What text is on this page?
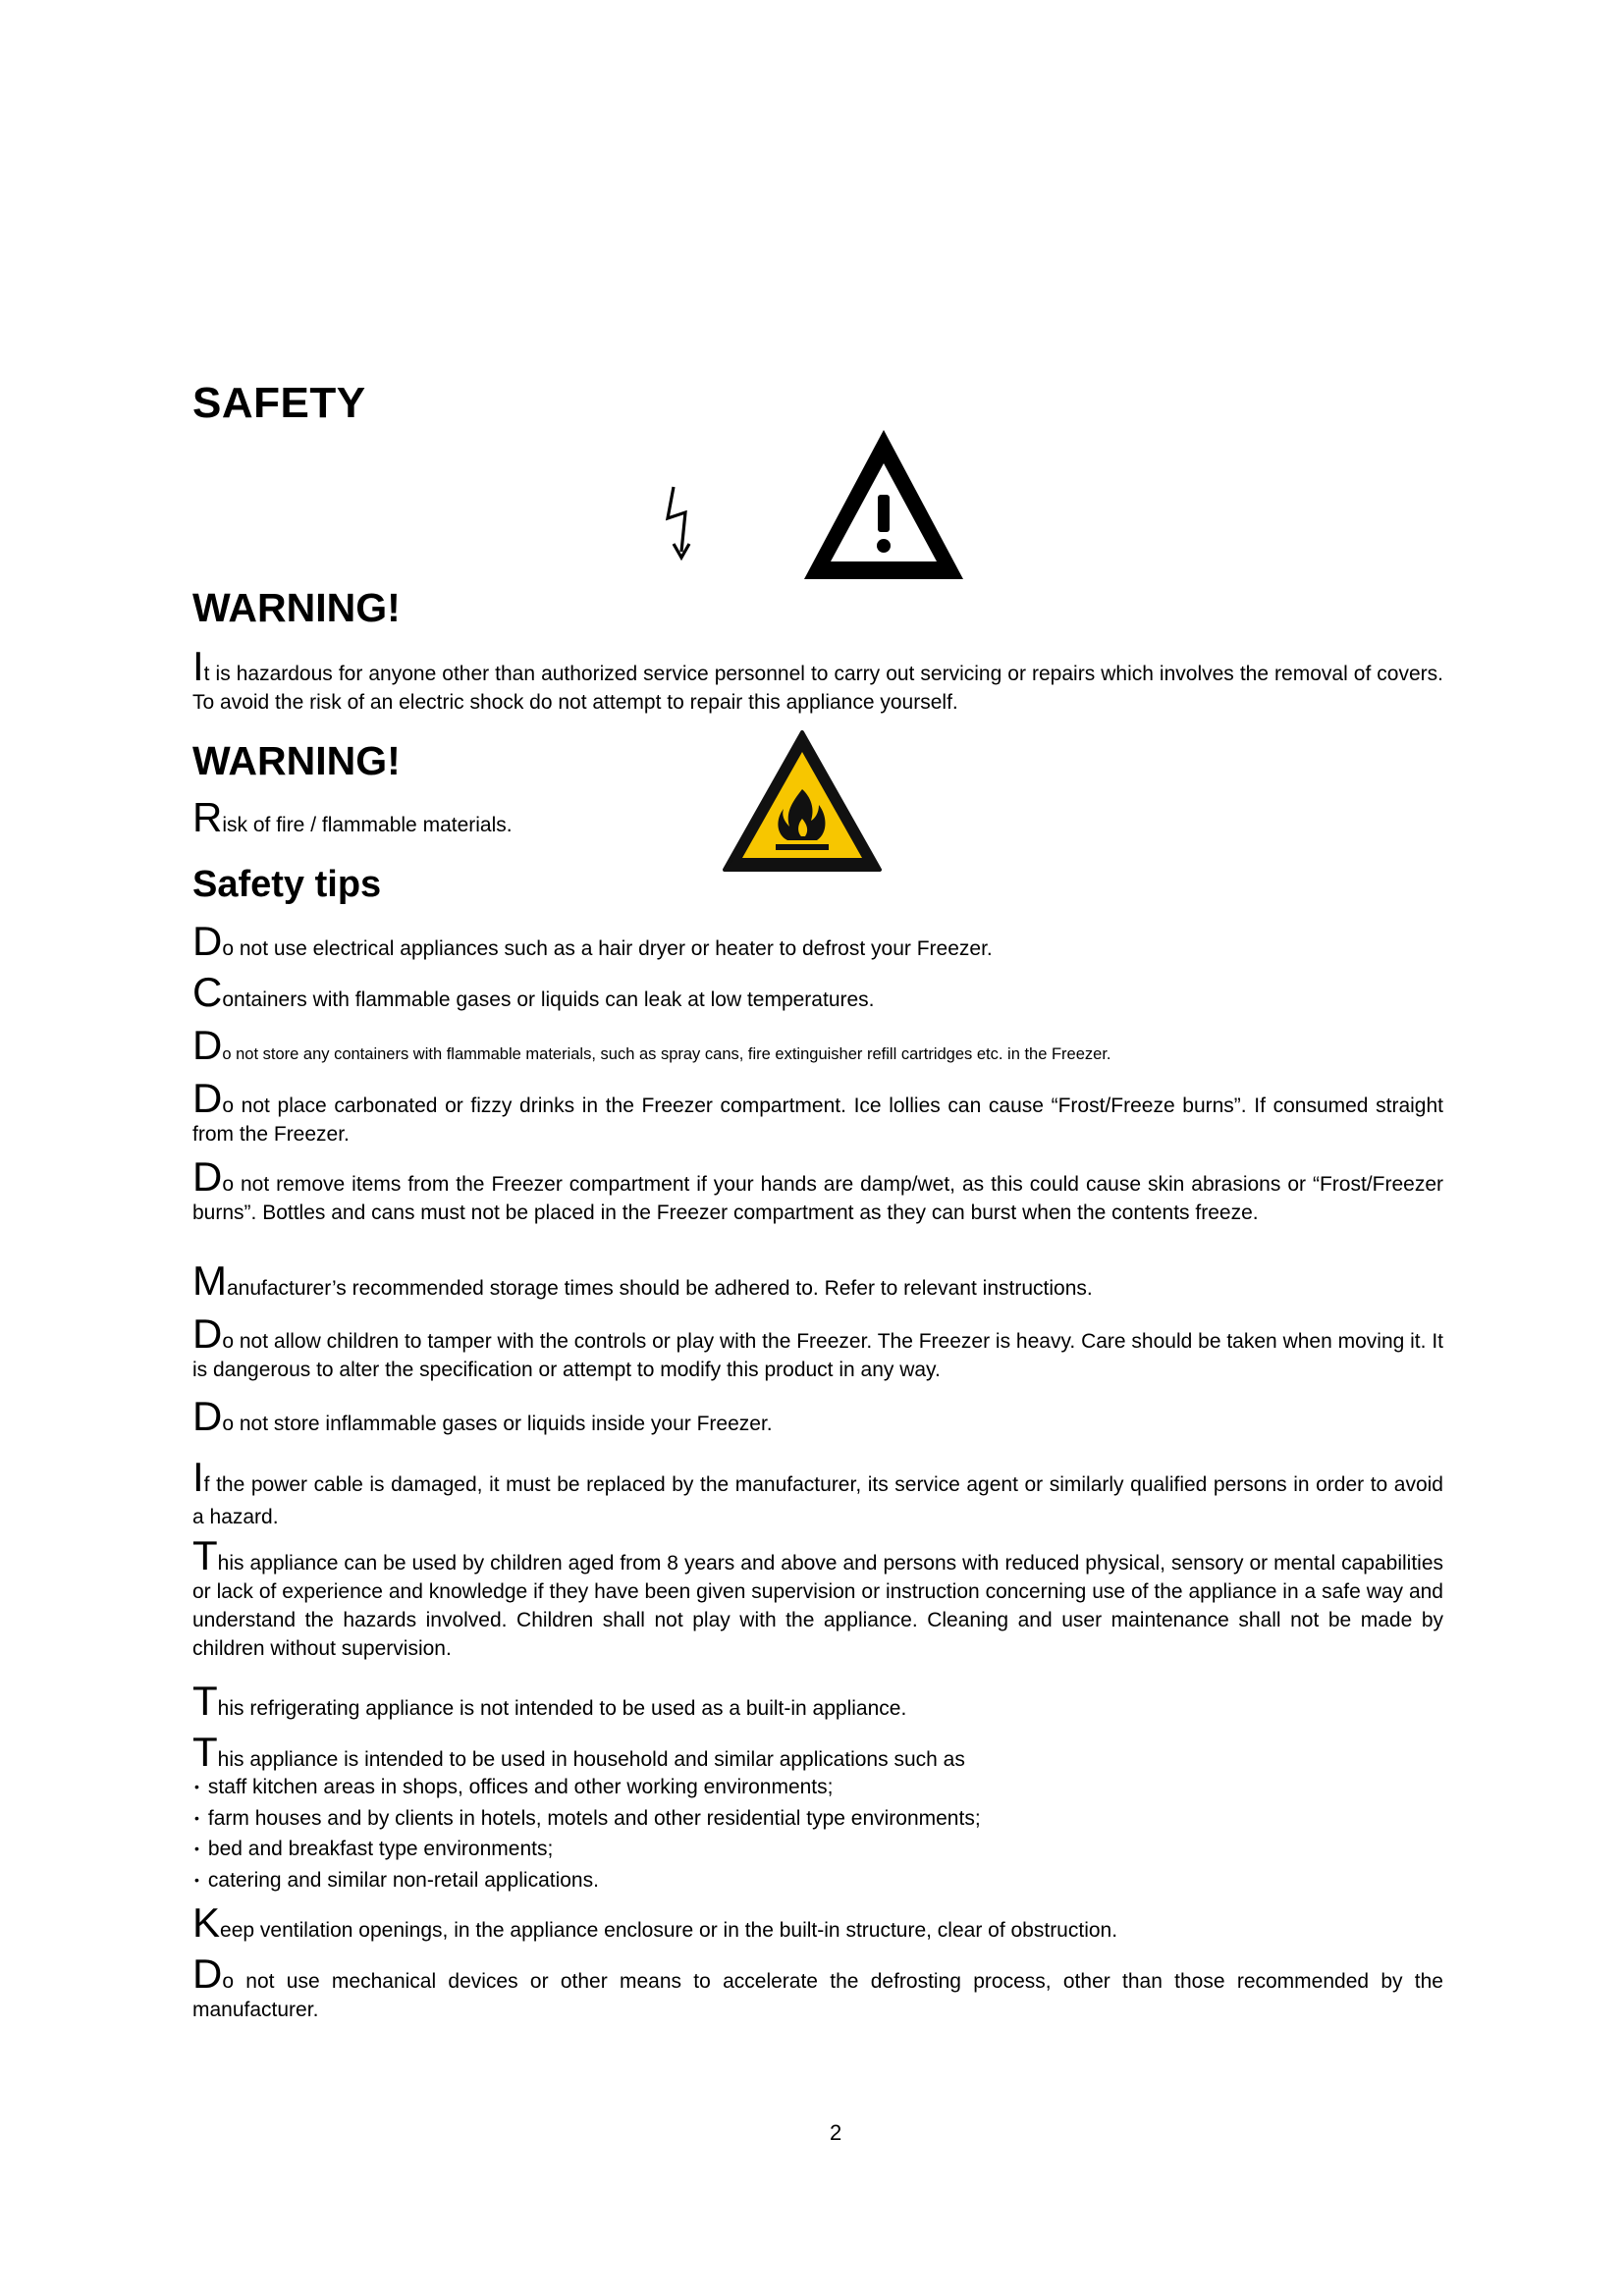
SAFETY
WARNING!
It is hazardous for anyone other than authorized service personnel to carry out servicing or repairs which involves the removal of covers. To avoid the risk of an electric shock do not attempt to repair this appliance yourself.
WARNING!
Risk of fire / flammable materials.
Safety tips
Do not use electrical appliances such as a hair dryer or heater to defrost your Freezer.
Containers with flammable gases or liquids can leak at low temperatures.
Do not store any containers with flammable materials, such as spray cans, fire extinguisher refill cartridges etc. in the Freezer.
Do not place carbonated or fizzy drinks in the Freezer compartment. Ice lollies can cause “Frost/Freeze burns”. If consumed straight from the Freezer.
Do not remove items from the Freezer compartment if your hands are damp/wet, as this could cause skin abrasions or “Frost/Freezer burns”. Bottles and cans must not be placed in the Freezer compartment as they can burst when the contents freeze.
Manufacturer’s recommended storage times should be adhered to. Refer to relevant instructions.
Do not allow children to tamper with the controls or play with the Freezer. The Freezer is heavy. Care should be taken when moving it. It is dangerous to alter the specification or attempt to modify this product in any way.
Do not store inflammable gases or liquids inside your Freezer.
If the power cable is damaged, it must be replaced by the manufacturer, its service agent or similarly qualified persons in order to avoid a hazard.
This appliance can be used by children aged from 8 years and above and persons with reduced physical, sensory or mental capabilities or lack of experience and knowledge if they have been given supervision or instruction concerning use of the appliance in a safe way and understand the hazards involved. Children shall not play with the appliance. Cleaning and user maintenance shall not be made by children without supervision.
This refrigerating appliance is not intended to be used as a built-in appliance.
This appliance is intended to be used in household and similar applications such as
• staff kitchen areas in shops, offices and other working environments;
• farm houses and by clients in hotels, motels and other residential type environments;
• bed and breakfast type environments;
• catering and similar non-retail applications.
Keep ventilation openings, in the appliance enclosure or in the built-in structure, clear of obstruction.
Do not use mechanical devices or other means to accelerate the defrosting process, other than those recommended by the manufacturer.
2
